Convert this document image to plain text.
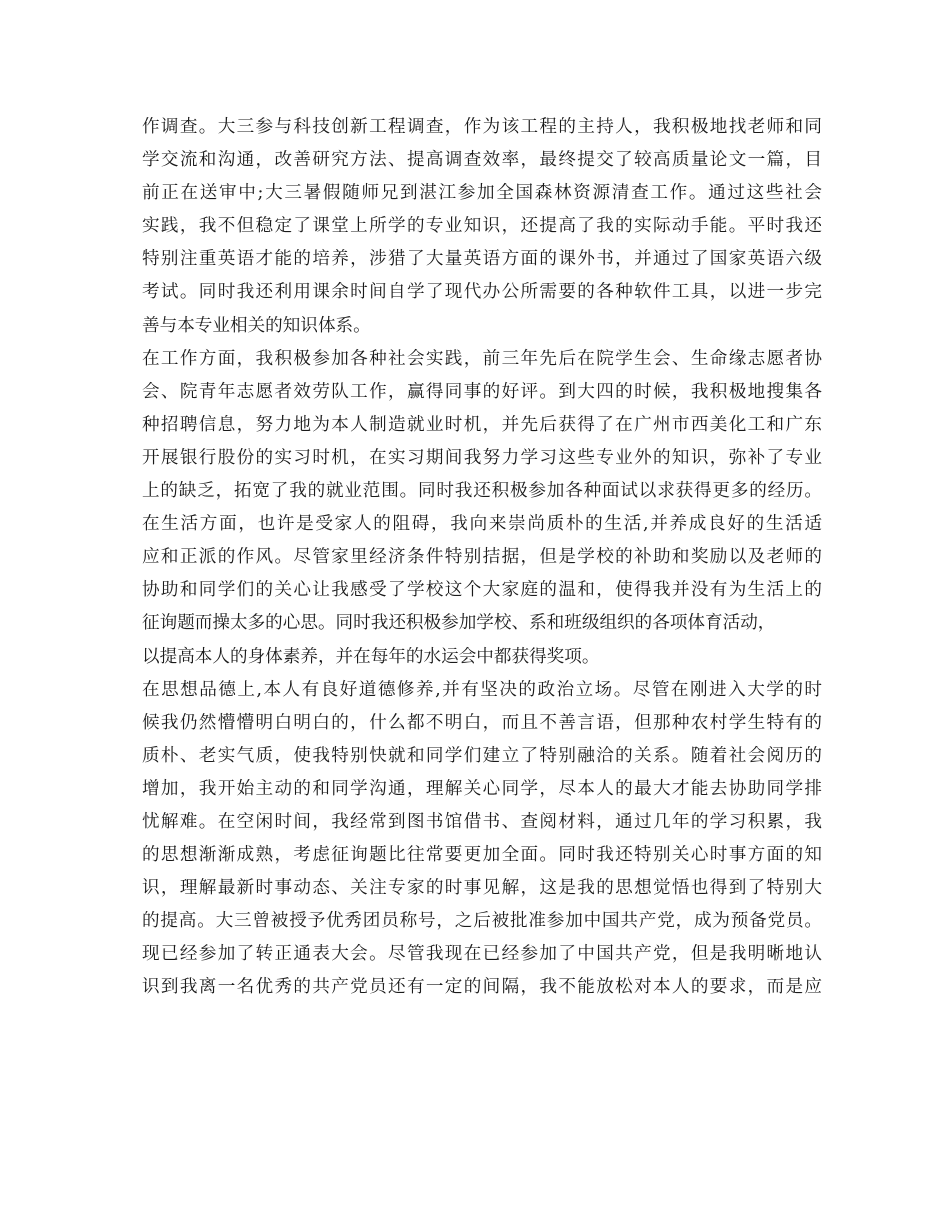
作调查。大三参与科技创新工程调查，作为该工程的主持人，我积极地找老师和同
学交流和沟通，改善研究方法、提高调查效率，最终提交了较高质量论文一篇，目
前正在送审中;大三暑假随师兄到湛江参加全国森林资源清查工作。通过这些社会
实践，我不但稳定了课堂上所学的专业知识，还提高了我的实际动手能。平时我还
特别注重英语才能的培养，涉猎了大量英语方面的课外书，并通过了国家英语六级
考试。同时我还利用课余时间自学了现代办公所需要的各种软件工具，以进一步完
善与本专业相关的知识体系。
在工作方面，我积极参加各种社会实践，前三年先后在院学生会、生命缘志愿者协
会、院青年志愿者效劳队工作，赢得同事的好评。到大四的时候，我积极地搜集各
种招聘信息，努力地为本人制造就业时机，并先后获得了在广州市西美化工和广东
开展银行股份的实习时机，在实习期间我努力学习这些专业外的知识，弥补了专业
上的缺乏，拓宽了我的就业范围。同时我还积极参加各种面试以求获得更多的经历。
在生活方面，也许是受家人的阻碍，我向来崇尚质朴的生活,并养成良好的生活适
应和正派的作风。尽管家里经济条件特别拮据，但是学校的补助和奖励以及老师的
协助和同学们的关心让我感受了学校这个大家庭的温和，使得我并没有为生活上的
征询题而操太多的心思。同时我还积极参加学校、系和班级组织的各项体育活动，
以提高本人的身体素养，并在每年的水运会中都获得奖项。
在思想品德上,本人有良好道德修养,并有坚决的政治立场。尽管在刚进入大学的时
候我仍然懵懵明白明白的，什么都不明白，而且不善言语，但那种农村学生特有的
质朴、老实气质，使我特别快就和同学们建立了特别融洽的关系。随着社会阅历的
增加，我开始主动的和同学沟通，理解关心同学，尽本人的最大才能去协助同学排
忧解难。在空闲时间，我经常到图书馆借书、查阅材料，通过几年的学习积累，我
的思想渐渐成熟，考虑征询题比往常要更加全面。同时我还特别关心时事方面的知
识，理解最新时事动态、关注专家的时事见解，这是我的思想觉悟也得到了特别大
的提高。大三曾被授予优秀团员称号，之后被批准参加中国共产党，成为预备党员。
现已经参加了转正通表大会。尽管我现在已经参加了中国共产党，但是我明晰地认
识到我离一名优秀的共产党员还有一定的间隔，我不能放松对本人的要求，而是应
